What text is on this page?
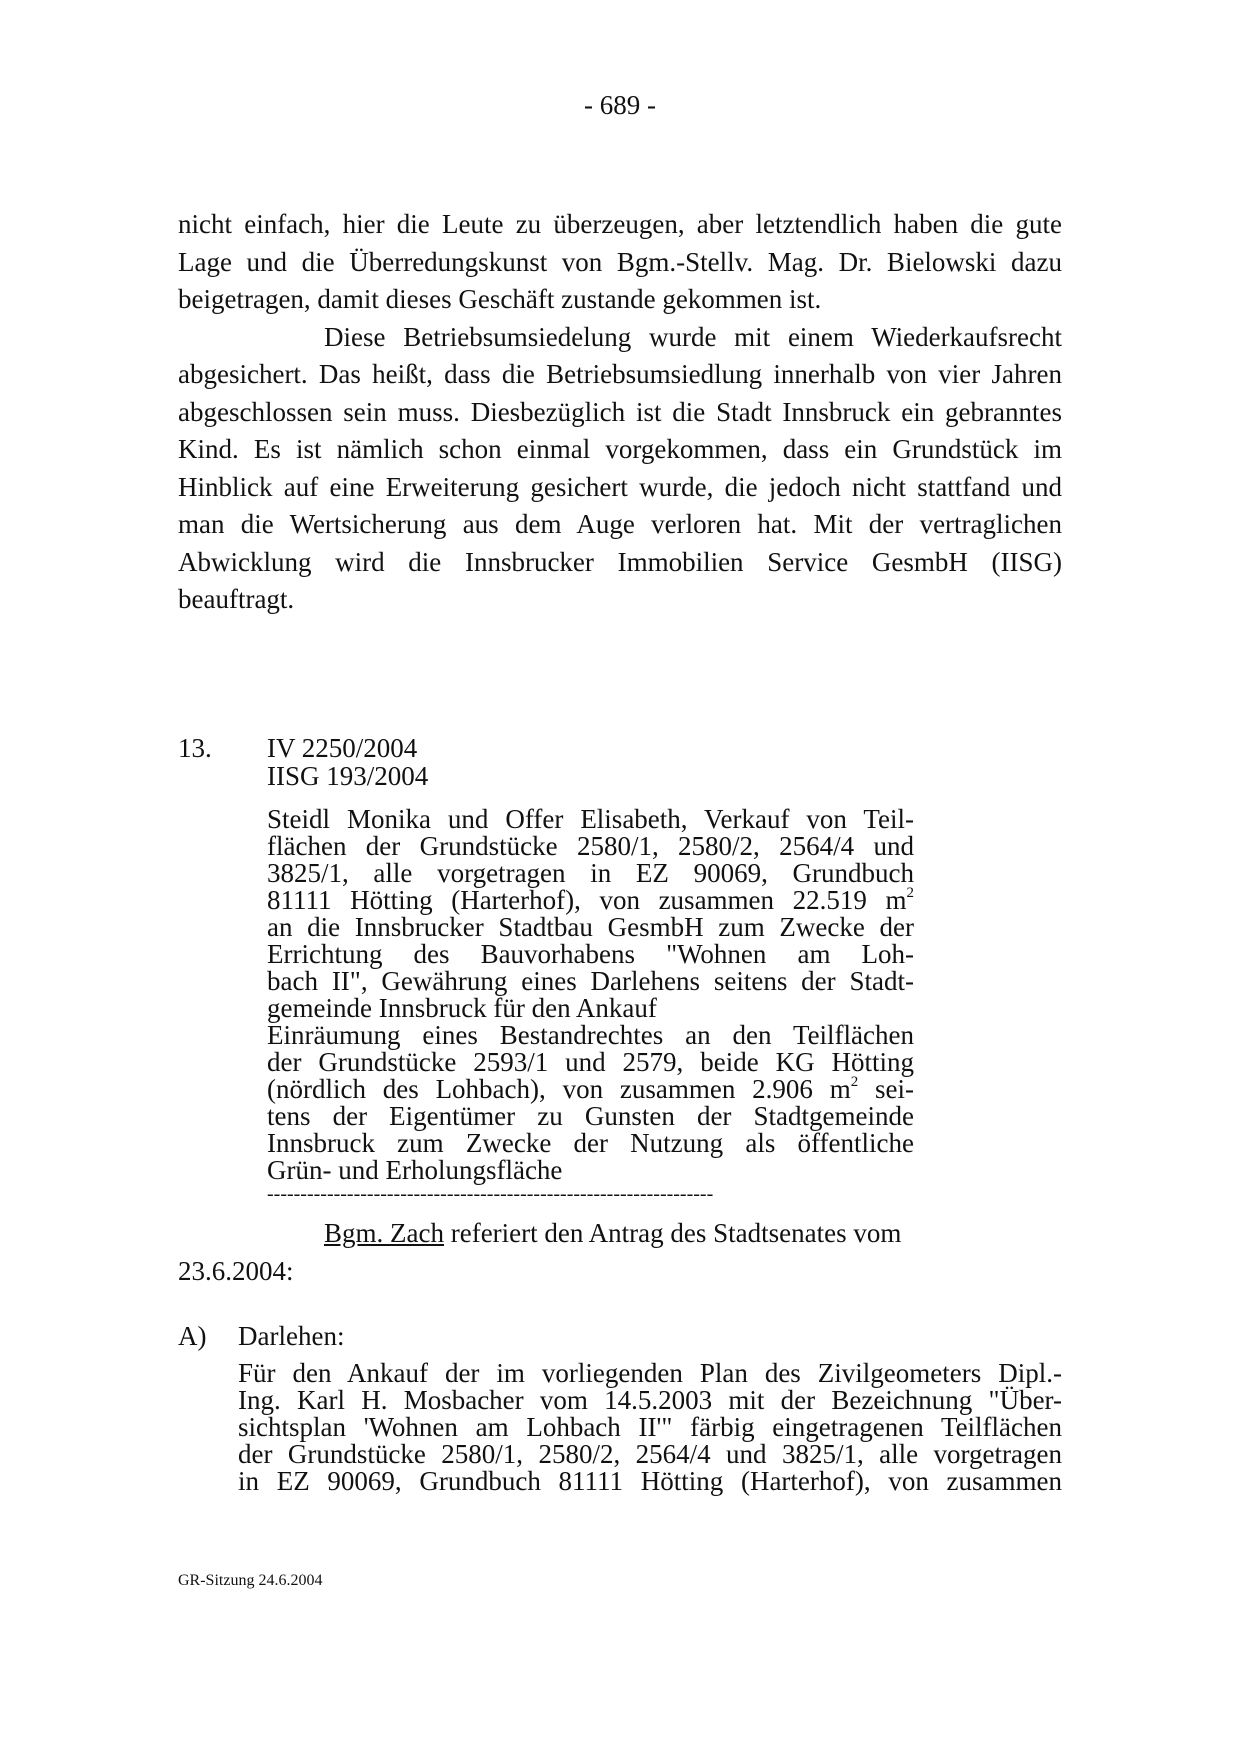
- 689 -

nicht einfach, hier die Leute zu überzeugen, aber letztendlich haben die gute Lage und die Überredungskunst von Bgm.-Stellv. Mag. Dr. Bielowski dazu beigetragen, damit dieses Geschäft zustande gekommen ist.

Diese Betriebsumsiedelung wurde mit einem Wiederkaufsrecht abgesichert. Das heißt, dass die Betriebsumsiedlung innerhalb von vier Jahren abgeschlossen sein muss. Diesbezüglich ist die Stadt Innsbruck ein gebranntes Kind. Es ist nämlich schon einmal vorgekommen, dass ein Grundstück im Hinblick auf eine Erweiterung gesichert wurde, die jedoch nicht stattfand und man die Wertsicherung aus dem Auge verloren hat. Mit der vertraglichen Abwicklung wird die Innsbrucker Immobilien Service GesmbH (IISG) beauftragt.

13. IV 2250/2004
IISG 193/2004
Steidl Monika und Offer Elisabeth, Verkauf von Teil-
flächen der Grundstücke 2580/1, 2580/2, 2564/4 und
3825/1, alle vorgetragen in EZ 90069, Grundbuch
81111 Hötting (Harterhof), von zusammen 22.519 $m^2$
an die Innsbrucker Stadtbau GesmbH zum Zwecke der
Errichtung des Bauvorhabens "Wohnen am Loh-
bach II", Gewährung eines Darlehens seitens der Stadt-
gemeinde Innsbruck für den Ankauf
Einräumung eines Bestandrechtes an den Teilflächen
der Grundstücke 2593/1 und 2579, beide KG Hötting
(nördlich des Lohbach), von zusammen 2.906 $m^2$ sei-
tens der Eigentümer zu Gunsten der Stadtgemeinde
Innsbruck zum Zwecke der Nutzung als öffentliche
Grün- und Erholungsfläche
-------------------------------------------------------------------
Bgm. Zach referiert den Antrag des Stadtsenates vom
23.6.2004:
A) Darlehen:
Für den Ankauf der im vorliegenden Plan des Zivilgeometers Dipl.-
Ing. Karl H. Mosbacher vom 14.5.2003 mit der Bezeichnung "Über-
sichtsplan 'Wohnen am Lohbach II'" färbig eingetragenen Teilflächen
der Grundstücke 2580/1, 2580/2, 2564/4 und 3825/1, alle vorgetragen
in EZ 90069, Grundbuch 81111 Hötting (Harterhof), von zusammen
GR-Sitzung 24.6.2004
